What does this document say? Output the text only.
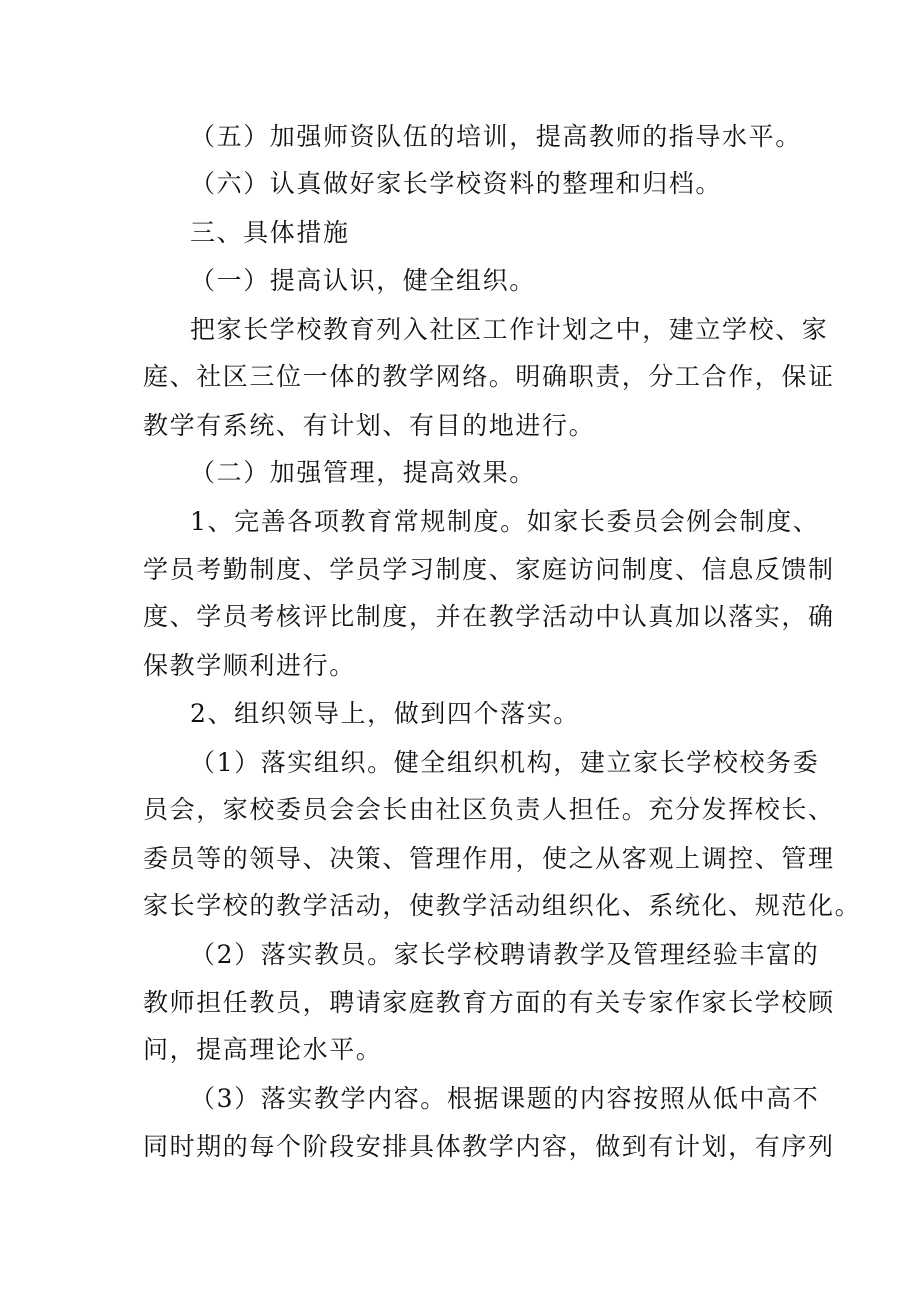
（五）加强师资队伍的培训，提高教师的指导水平。
（六）认真做好家长学校资料的整理和归档。
三、具体措施
（一）提高认识，健全组织。
把家长学校教育列入社区工作计划之中，建立学校、家
庭、社区三位一体的教学网络。明确职责，分工合作，保证
教学有系统、有计划、有目的地进行。
（二）加强管理，提高效果。
1、完善各项教育常规制度。如家长委员会例会制度、
学员考勤制度、学员学习制度、家庭访问制度、信息反馈制
度、学员考核评比制度，并在教学活动中认真加以落实，确
保教学顺利进行。
2、组织领导上，做到四个落实。
（1）落实组织。健全组织机构，建立家长学校校务委
员会，家校委员会会长由社区负责人担任。充分发挥校长、
委员等的领导、决策、管理作用，使之从客观上调控、管理
家长学校的教学活动，使教学活动组织化、系统化、规范化。
（2）落实教员。家长学校聘请教学及管理经验丰富的
教师担任教员，聘请家庭教育方面的有关专家作家长学校顾
问，提高理论水平。
（3）落实教学内容。根据课题的内容按照从低中高不
同时期的每个阶段安排具体教学内容，做到有计划，有序列
